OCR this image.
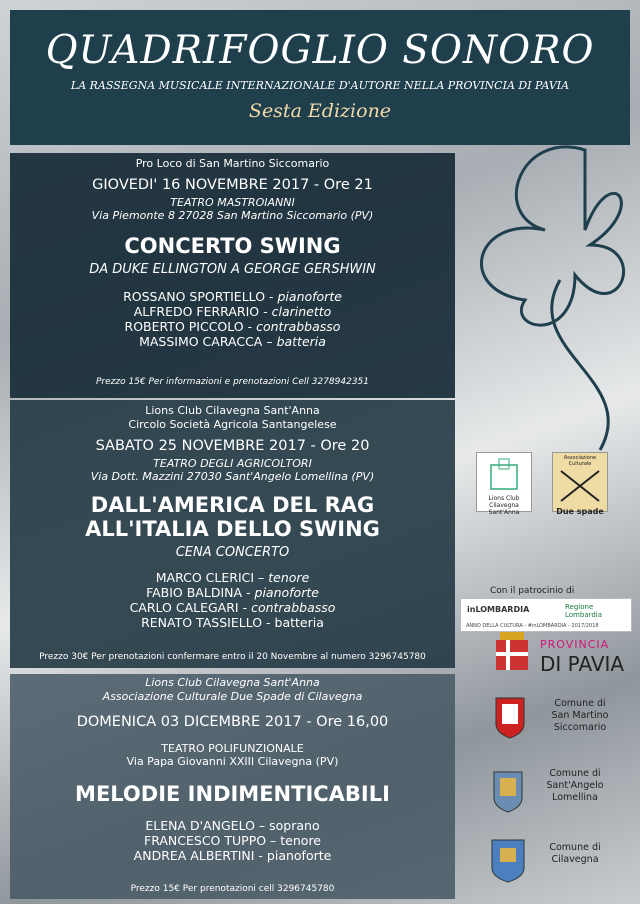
QUADRIFOGLIO SONORO
LA RASSEGNA MUSICALE INTERNAZIONALE D'AUTORE NELLA PROVINCIA DI PAVIA
Sesta Edizione
Pro Loco di San Martino Siccomario
GIOVEDI' 16 NOVEMBRE 2017 - Ore 21
TEATRO MASTROIANNI
Via Piemonte 8 27028 San Martino Siccomario (PV)
CONCERTO SWING
DA DUKE ELLINGTON A GEORGE GERSHWIN
ROSSANO SPORTIELLO - pianoforte
ALFREDO FERRARIO - clarinetto
ROBERTO PICCOLO - contrabbasso
MASSIMO CARACCA – batteria
Prezzo 15€ Per informazioni e prenotazioni Cell 3278942351
Lions Club Cilavegna Sant'Anna
Circolo Società Agricola Santangelese
SABATO 25 NOVEMBRE 2017 - Ore 20
TEATRO DEGLI AGRICOLTORI
Via Dott. Mazzini 27030 Sant'Angelo Lomellina (PV)
DALL'AMERICA DEL RAG
ALL'ITALIA DELLO SWING
CENA CONCERTO
MARCO CLERICI – tenore
FABIO BALDINA - pianoforte
CARLO CALEGARI - contrabbasso
RENATO TASSIELLO - batteria
Prezzo 30€ Per prenotazioni confermare entro il 20 Novembre al numero 3296745780
Lions Club Cilavegna Sant'Anna
Associazione Culturale Due Spade di Cilavegna
DOMENICA 03 DICEMBRE 2017 - Ore 16,00
TEATRO POLIFUNZIONALE
Via Papa Giovanni XXIII Cilavegna (PV)
MELODIE INDIMENTICABILI
ELENA D'ANGELO – soprano
FRANCESCO TUPPO – tenore
ANDREA ALBERTINI - pianoforte
Prezzo 15€ Per prenotazioni cell 3296745780
Lions Club Cilavegna Sant'Anna
Associazione Culturale
Due spade
Con il patrocinio di
inLOMBARDIA	Regione Lombardia
ANNO DELLA CULTURA - #inLOMBARDIA - 2017/2018
PROVINCIA
DI PAVIA
Comune di San Martino Siccomario
Comune di Sant'Angelo Lomellina
Comune di Cilavegna
